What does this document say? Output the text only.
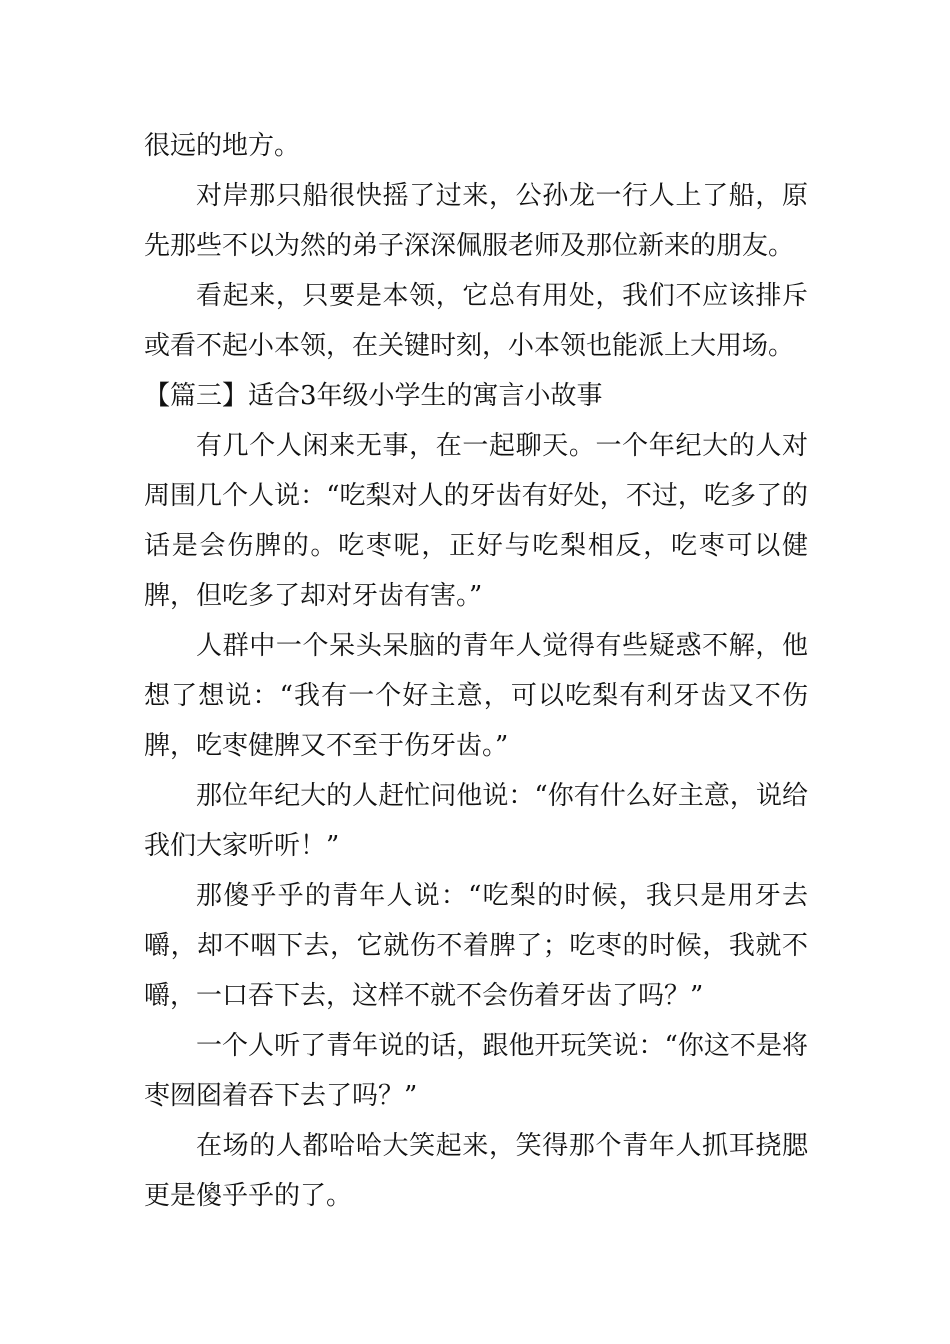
很远的地方。

对岸那只船很快摇了过来，公孙龙一行人上了船，原先那些不以为然的弟子深深佩服老师及那位新来的朋友。

看起来，只要是本领，它总有用处，我们不应该排斥或看不起小本领，在关键时刻，小本领也能派上大用场。

【篇三】适合3年级小学生的寓言小故事

有几个人闲来无事，在一起聊天。一个年纪大的人对周围几个人说：“吃梨对人的牙齿有好处，不过，吃多了的话是会伤脾的。吃枣呢，正好与吃梨相反，吃枣可以健脾，但吃多了却对牙齿有害。”

人群中一个呆头呆脑的青年人觉得有些疑惑不解，他想了想说：“我有一个好主意，可以吃梨有利牙齿又不伤脾，吃枣健脾又不至于伤牙齿。”

那位年纪大的人赶忙问他说：“你有什么好主意，说给我们大家听听！”

那傻乎乎的青年人说：“吃梨的时候，我只是用牙去嚼，却不咽下去，它就伤不着脾了；吃枣的时候，我就不嚼，一口吞下去，这样不就不会伤着牙齿了吗？”

一个人听了青年说的话，跟他开玩笑说：“你这不是将枣囫囵着吞下去了吗？”

在场的人都哈哈大笑起来，笑得那个青年人抓耳挠腮更是傻乎乎的了。
